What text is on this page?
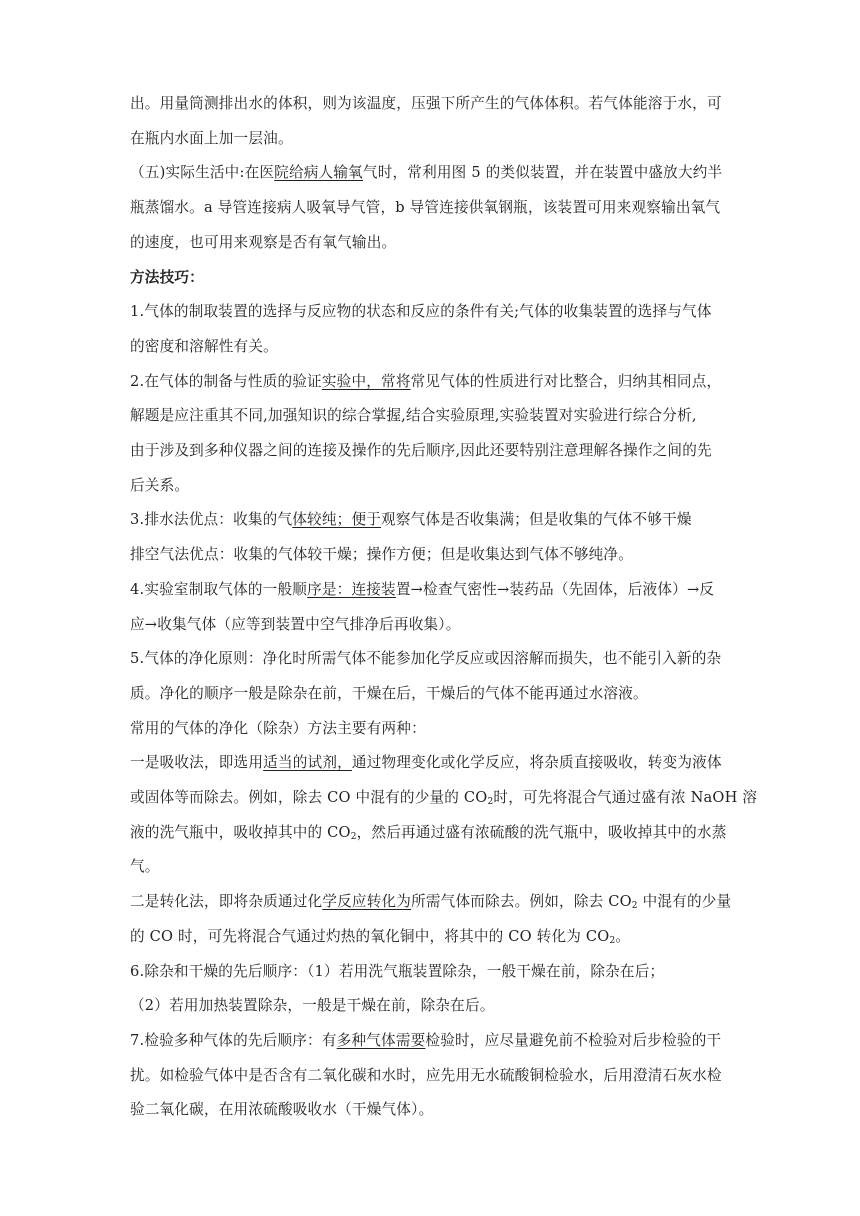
出。用量筒测排出水的体积，则为该温度，压强下所产生的气体体积。若气体能溶于水，可
在瓶内水面上加一层油。
（五)实际生活中:在医院给病人输氧气时，常利用图 5 的类似装置，并在装置中盛放大约半
瓶蒸馏水。a 导管连接病人吸氧导气管，b 导管连接供氧钢瓶，该装置可用来观察输出氧气
的速度，也可用来观察是否有氧气输出。
方法技巧：
1.气体的制取装置的选择与反应物的状态和反应的条件有关;气体的收集装置的选择与气体
的密度和溶解性有关。
2.在气体的制备与性质的验证实验中，常将常见气体的性质进行对比整合，归纳其相同点，
解题是应注重其不同,加强知识的综合掌握,结合实验原理,实验装置对实验进行综合分析,
由于涉及到多种仪器之间的连接及操作的先后顺序,因此还要特别注意理解各操作之间的先
后关系。
3.排水法优点：收集的气体较纯；便于观察气体是否收集满；但是收集的气体不够干燥
排空气法优点：收集的气体较干燥；操作方便；但是收集达到气体不够纯净。
4.实验室制取气体的一般顺序是：连接装置→检查气密性→装药品（先固体，后液体）→反
应→收集气体（应等到装置中空气排净后再收集）。
5.气体的净化原则：净化时所需气体不能参加化学反应或因溶解而损失，也不能引入新的杂
质。净化的顺序一般是除杂在前，干燥在后，干燥后的气体不能再通过水溶液。
常用的气体的净化（除杂）方法主要有两种：
一是吸收法，即选用适当的试剂，通过物理变化或化学反应，将杂质直接吸收，转变为液体
或固体等而除去。例如，除去 CO 中混有的少量的 $CO_2$时，可先将混合气通过盛有浓 NaOH 溶
液的洗气瓶中，吸收掉其中的 $CO_2$，然后再通过盛有浓硫酸的洗气瓶中，吸收掉其中的水蒸
气。
二是转化法，即将杂质通过化学反应转化为所需气体而除去。例如，除去 $CO_2$ 中混有的少量
的 CO 时，可先将混合气通过灼热的氧化铜中，将其中的 CO 转化为 $CO_2$。
6.除杂和干燥的先后顺序：（1）若用洗气瓶装置除杂，一般干燥在前，除杂在后；
（2）若用加热装置除杂，一般是干燥在前，除杂在后。
7.检验多种气体的先后顺序：有多种气体需要检验时，应尽量避免前不检验对后步检验的干
扰。如检验气体中是否含有二氧化碳和水时，应先用无水硫酸铜检验水，后用澄清石灰水检
验二氧化碳，在用浓硫酸吸收水（干燥气体）。
